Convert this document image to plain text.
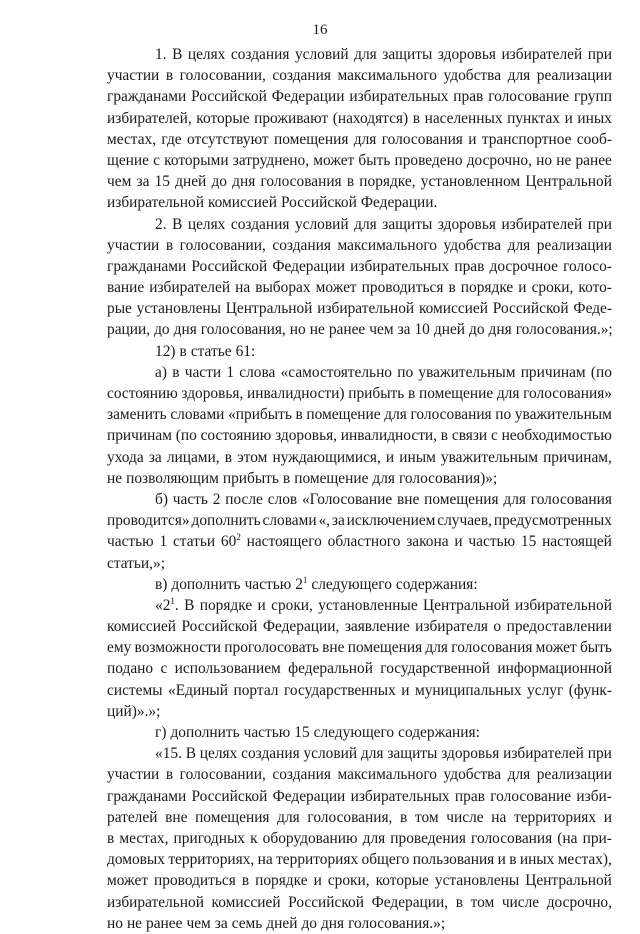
16
1. В целях создания условий для защиты здоровья избирателей при
участии в голосовании, создания максимального удобства для реализации
гражданами Российской Федерации избирательных прав голосование групп
избирателей, которые проживают (находятся) в населенных пунктах и иных
местах, где отсутствуют помещения для голосования и транспортное сооб-
щение с которыми затруднено, может быть проведено досрочно, но не ранее
чем за 15 дней до дня голосования в порядке, установленном Центральной
избирательной комиссией Российской Федерации.
2. В целях создания условий для защиты здоровья избирателей при
участии в голосовании, создания максимального удобства для реализации
гражданами Российской Федерации избирательных прав досрочное голосо-
вание избирателей на выборах может проводиться в порядке и сроки, кото-
рые установлены Центральной избирательной комиссией Российской Феде-
рации, до дня голосования, но не ранее чем за 10 дней до дня голосования.»;
12) в статье 61:
а) в части 1 слова «самостоятельно по уважительным причинам (по
состоянию здоровья, инвалидности) прибыть в помещение для голосования»
заменить словами «прибыть в помещение для голосования по уважительным
причинам (по состоянию здоровья, инвалидности, в связи с необходимостью
ухода за лицами, в этом нуждающимися, и иным уважительным причинам,
не позволяющим прибыть в помещение для голосования)»;
б) часть 2 после слов «Голосование вне помещения для голосования
проводится» дополнить словами «, за исключением случаев, предусмотренных
частью 1 статьи $60^2$ настоящего областного закона и частью 15 настоящей
статьи,»;
в) дополнить частью $2^1$ следующего содержания:
«$2^1$. В порядке и сроки, установленные Центральной избирательной
комиссией Российской Федерации, заявление избирателя о предоставлении
ему возможности проголосовать вне помещения для голосования может быть
подано с использованием федеральной государственной информационной
системы «Единый портал государственных и муниципальных услуг (функ-
ций)».»;
г) дополнить частью 15 следующего содержания:
«15. В целях создания условий для защиты здоровья избирателей при
участии в голосовании, создания максимального удобства для реализации
гражданами Российской Федерации избирательных прав голосование изби-
рателей вне помещения для голосования, в том числе на территориях и
в местах, пригодных к оборудованию для проведения голосования (на при-
домовых территориях, на территориях общего пользования и в иных местах),
может проводиться в порядке и сроки, которые установлены Центральной
избирательной комиссией Российской Федерации, в том числе досрочно,
но не ранее чем за семь дней до дня голосования.»;
